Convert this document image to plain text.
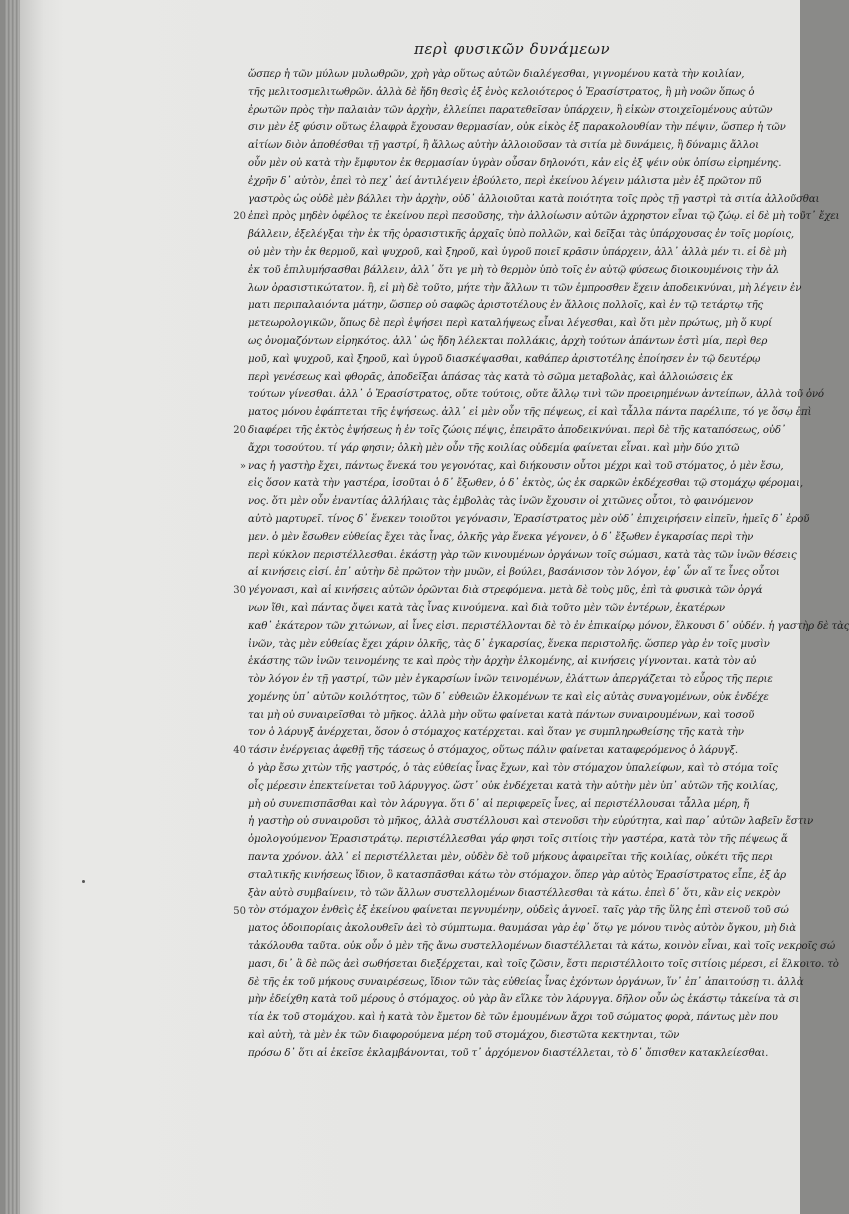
περὶ φυσικῶν δυνάμεων
ὥσπερ ἡ τῶν μύλων μυλωθρῶν, χρὴ γὰρ οὕτως αὐτῶν διαλέγεσθαι, γιγνομένου κατὰ τὴν κοιλίαν,
τῆς μελιτοσμελιτωθρῶν. ἀλλὰ δὲ ἤδη θεσὶς ἐξ ἑνὸς κελοιότερος ὁ Ἐρασίστρατος, ἢ μὴ νοῶν ὅπως ὁ
ἐρωτῶν πρὸς τὴν παλαιὰν τῶν ἀρχὴν, ἐλλείπει παρατεθεῖσαν ὑπάρχειν, ἢ εἰκὼν στοιχεῖομένους αὐτῶν
σιν μὲν ἐξ φύσιν οὕτως ἐλαφρὰ ἔχουσαν θερμασίαν, οὐκ εἰκὸς ἐξ παρακολουθίαν τὴν πέψιν, ὥσπερ ἡ τῶν
αἰτίων διὸν ἀποθέσθαι τῇ γαστρί, ἢ ἄλλως αὐτὴν ἀλλοιοῦσαν τὰ σιτία μὲ δυνάμεις, ἢ δύναμις ἄλλοι
οὖν μὲν οὐ κατὰ τὴν ἔμφυτον ἐκ θερμασίαν ὑγρὰν οὖσαν δηλονότι, κἀν εἰς ἐξ ψέιν οὐκ ὀπίσω εἰρημένης.
ἐχρῆν δ᾽ αὐτὸν, ἐπεὶ τὸ πεχ᾽ ἀεί ἀντιλέγειν ἐβούλετο, περὶ ἐκείνου λέγειν μάλιστα μὲν ἐξ πρῶτον πῦ
γαστρὸς ὡς οὐδὲ μὲν βάλλει τὴν ἀρχὴν, οὐδ᾽ ἀλλοιοῦται κατὰ ποιότητα τοῖς πρὸς τῇ γαστρὶ τὰ σιτία ἀλλοῦσθαι
ἐπεὶ πρὸς μηδὲν ὀφέλος τε ἐκείνου περὶ πεσοῦσης, τὴν ἀλλοίωσιν αὐτῶν ἀχρηστον εἶναι τῷ ζώῳ. εἰ δὲ μὴ τοῦτ᾽ ἔχει
βάλλειν, ἐξελέγξαι τὴν ἐκ τῆς ὀρασιστικῆς ἀρχαῖς ὑπὸ πολλῶν, καὶ δεῖξαι τὰς ὑπάρχουσας ἐν τοῖς μορίοις,
οὐ μὲν τὴν ἐκ θερμοῦ, καὶ ψυχροῦ, καὶ ξηροῦ, καὶ ὑγροῦ ποιεῖ κρᾶσιν ὑπάρχειν, ἀλλ᾽ ἀλλὰ μέν τι. εἰ δὲ μὴ
ἐκ τοῦ ἐπιλυμήσασθαι βάλλειν, ἀλλ᾽ ὅτι γε μὴ τὸ θερμὸν ὑπὸ τοῖς ἐν αὐτῷ φύσεως διοικουμένοις τὴν ἀλ
λων ὀρασιστικώτατον. ἢ, εἰ μὴ δὲ τοῦτο, μήτε τὴν ἄλλων τι τῶν ἐμπροσθεν ἔχειν ἀποδεικνύναι, μὴ λέγειν ἐν
ματι περιπαλαιόντα μάτην, ὥσπερ οὐ σαφῶς ἀριστοτέλους ἐν ἄλλοις πολλοῖς, καὶ ἐν τῷ τετάρτῳ τῆς
μετεωρολογικῶν, ὅπως δὲ περὶ ἑψήσει περὶ καταλήψεως εἶναι λέγεσθαι, καὶ ὅτι μὲν πρώτως, μὴ ὅ κυρί
ως ὀνομαζόντων εἰρηκότος. ἀλλ᾽ ὡς ἤδη λέλεκται πολλάκις, ἀρχὴ τούτων ἁπάντων ἐστὶ μία, περὶ θερ
μοῦ, καὶ ψυχροῦ, καὶ ξηροῦ, καὶ ὑγροῦ διασκέψασθαι, καθάπερ ἀριστοτέλης ἐποίησεν ἐν τῷ δευτέρῳ
περὶ γενέσεως καὶ φθορᾶς, ἀποδεῖξαι ἁπάσας τὰς κατὰ τὸ σῶμα μεταβολὰς, καὶ ἀλλοιώσεις ἐκ
τούτων γίνεσθαι. ἀλλ᾽ ὁ Ἐρασίστρατος, οὔτε τούτοις, οὔτε ἄλλῳ τινὶ τῶν προειρημένων ἀντείπων, ἀλλὰ τοῦ ὀνό
ματος μόνου ἐφάπτεται τῆς ἑψήσεως. ἀλλ᾽ εἰ μὲν οὖν τῆς πέψεως, εἰ καὶ τἆλλα πάντα παρέλιπε, τό γε ὅσῳ ἐπὶ
διαφέρει τῆς ἐκτὸς ἑψήσεως ἡ ἐν τοῖς ζώοις πέψις, ἐπειρᾶτο ἀποδεικνύναι. περὶ δὲ τῆς καταπόσεως, οὐδ᾽
ἄχρι τοσούτου. τί γάρ φησιν; ὁλκὴ μὲν οὖν τῆς κοιλίας οὐδεμία φαίνεται εἶναι. καὶ μὴν δύο χιτῶ
νας ἡ γαστὴρ ἔχει, πάντως ἕνεκά του γεγονότας, καὶ διήκουσιν οὗτοι μέχρι καὶ τοῦ στόματος, ὁ μὲν ἔσω,
εἰς ὅσον κατὰ τὴν γαστέρα, ἰσοῦται ὁ δ᾽ ἔξωθεν, ὁ δ᾽ ἐκτὸς, ὡς ἐκ σαρκῶν ἐκδέχεσθαι τῷ στομάχῳ φέρομαι,
νος. ὅτι μὲν οὖν ἐναντίας ἀλλήλαις τὰς ἐμβολὰς τὰς ἰνῶν ἔχουσιν οἱ χιτῶνες οὗτοι, τὸ φαινόμενον
αὐτὸ μαρτυρεῖ. τίνος δ᾽ ἕνεκεν τοιοῦτοι γεγόνασιν, Ἐρασίστρατος μὲν οὐδ᾽ ἐπιχειρήσειν εἰπεῖν, ἡμεῖς δ᾽ ἐροῦ
μεν. ὁ μὲν ἔσωθεν εὐθείας ἔχει τὰς ἶνας, ὁλκῆς γὰρ ἕνεκα γέγονεν, ὁ δ᾽ ἔξωθεν ἐγκαρσίας περὶ τὴν
περὶ κύκλον περιστέλλεσθαι. ἑκάστῃ γὰρ τῶν κινουμένων ὀργάνων τοῖς σώμασι, κατὰ τὰς τῶν ἰνῶν θέσεις
αἱ κινήσεις εἰσί. ἐπ᾽ αὐτὴν δὲ πρῶτον τὴν μυῶν, εἰ βούλει, βασάνισον τὸν λόγον, ἐφ᾽ ὧν αἵ τε ἶνες οὗτοι
γέγονασι, καὶ αἱ κινήσεις αὐτῶν ὁρῶνται διὰ στρεφόμενα. μετὰ δὲ τοὺς μῦς, ἐπὶ τὰ φυσικὰ τῶν ὀργά
νων ἴθι, καὶ πάντας ὄψει κατὰ τὰς ἶνας κινούμενα. καὶ διὰ τοῦτο μὲν τῶν ἐντέρων, ἑκατέρων
καθ᾽ ἑκάτερον τῶν χιτώνων, αἱ ἶνες εἰσι. περιστέλλονται δὲ τὸ ἐν ἐπικαίρῳ μόνον, ἕλκουσι δ᾽ οὐδέν. ἡ γαστὴρ δὲ τὰς
ἰνῶν, τὰς μὲν εὐθείας ἔχει χάριν ὁλκῆς, τὰς δ᾽ ἐγκαρσίας, ἕνεκα περιστολῆς. ὥσπερ γὰρ ἐν τοῖς μυσὶν
ἑκάστης τῶν ἰνῶν τεινομένης τε καὶ πρὸς τὴν ἀρχὴν ἑλκομένης, αἱ κινήσεις γίγνονται. κατὰ τὸν αὐ
τὸν λόγον ἐν τῇ γαστρί, τῶν μὲν ἐγκαρσίων ἰνῶν τεινομένων, ἐλάττων ἀπεργάζεται τὸ εὖρος τῆς περιε
χομένης ὑπ᾽ αὐτῶν κοιλότητος, τῶν δ᾽ εὐθειῶν ἑλκομένων τε καὶ εἰς αὐτὰς συναγομένων, οὐκ ἐνδέχε
ται μὴ οὐ συναιρεῖσθαι τὸ μῆκος. ἀλλὰ μὴν οὕτω φαίνεται κατὰ πάντων συναιρουμένων, καὶ τοσοῦ
τον ὁ λάρυγξ ἀνέρχεται, ὅσον ὁ στόμαχος κατέρχεται. καὶ ὅταν γε συμπληρωθείσης τῆς κατὰ τὴν
τάσιν ἐνέργειας ἀφεθῇ τῆς τάσεως ὁ στόμαχος, οὕτως πάλιν φαίνεται καταφερόμενος ὁ λάρυγξ.
ὁ γὰρ ἔσω χιτὼν τῆς γαστρός, ὁ τὰς εὐθείας ἶνας ἔχων, καὶ τὸν στόμαχον ὑπαλείφων, καὶ τὸ στόμα τοῖς
οἷς μέρεσιν ἐπεκτείνεται τοῦ λάρυγγος. ὥστ᾽ οὐκ ἐνδέχεται κατὰ τὴν αὐτὴν μὲν ὑπ᾽ αὐτῶν τῆς κοιλίας,
μὴ οὐ συνεπισπᾶσθαι καὶ τὸν λάρυγγα. ὅτι δ᾽ αἱ περιφερεῖς ἶνες, αἱ περιστέλλουσαι τἆλλα μέρη, ἤ
ἡ γαστὴρ οὐ συναιροῦσι τὸ μῆκος, ἀλλὰ συστέλλουσι καὶ στενοῦσι τὴν εὐρύτητα, καὶ παρ᾽ αὐτῶν λαβεῖν ἔστιν
ὁμολογούμενον Ἐρασιστράτῳ. περιστέλλεσθαι γάρ φησι τοῖς σιτίοις τὴν γαστέρα, κατὰ τὸν τῆς πέψεως ἅ
παντα χρόνον. ἀλλ᾽ εἰ περιστέλλεται μὲν, οὐδὲν δὲ τοῦ μήκους ἀφαιρεῖται τῆς κοιλίας, οὐκέτι τῆς περι
σταλτικῆς κινήσεως ἴδιον, ὃ κατασπᾶσθαι κάτω τὸν στόμαχον. ὅπερ γὰρ αὐτὸς Ἐρασίστρατος εἶπε, ἐξ ἀρ
ξὰν αὐτὸ συμβαίνειν, τὸ τῶν ἄλλων συστελλομένων διαστέλλεσθαι τὰ κάτω. ἐπεὶ δ᾽ ὅτι, κἂν εἰς νεκρὸν
τὸν στόμαχον ἐνθεὶς ἐξ ἐκείνου φαίνεται πεγνυμένην, οὐδεὶς ἀγνοεῖ. ταῖς γὰρ τῆς ὕλης ἐπὶ στενοῦ τοῦ σώ
ματος ὁδοιπορίαις ἀκολουθεῖν ἀεὶ τὸ σύμπτωμα. θαυμάσαι γὰρ ἐφ᾽ ὅτῳ γε μόνου τινὸς αὐτὸν ὄγκου, μὴ διὰ
τἀκόλουθα ταῦτα. οὐκ οὖν ὁ μὲν τῆς ἄνω συστελλομένων διαστέλλεται τὰ κάτω, κοινὸν εἶναι, καὶ τοῖς νεκροῖς σώ
μασι, δι᾽ ἃ δὲ πῶς ἀεὶ σωθήσεται διεξέρχεται, καὶ τοῖς ζῶσιν, ἔστι περιστέλλοιτο τοῖς σιτίοις μέρεσι, εἰ ἕλκοιτο. τὸ
δὲ τῆς ἐκ τοῦ μήκους συναιρέσεως, ἴδιον τῶν τὰς εὐθείας ἶνας ἐχόντων ὀργάνων, ἵν᾽ ἐπ᾽ ἀπαιτούσῃ τι. ἀλλὰ
μὴν ἐδείχθη κατὰ τοῦ μέρους ὁ στόμαχος. οὐ γὰρ ἂν εἵλκε τὸν λάρυγγα. δῆλον οὖν ὡς ἑκάστῳ τἀκείνα τὰ σι
τία ἐκ τοῦ στομάχου. καὶ ἡ κατὰ τὸν ἔμετον δὲ τῶν ἐμουμένων ἄχρι τοῦ σώματος φορὰ, πάντως μὲν που
καὶ αὐτὴ, τὰ μὲν ἐκ τῶν διαφορούμενα μέρη τοῦ στομάχου, διεστῶτα κεκτηνται, τῶν
πρόσω δ᾽ ὅτι αἱ ἐκεῖσε ἐκλαμβάνονται, τοῦ τ᾽ ἀρχόμενον διαστέλλεται, τὸ δ᾽ ὄπισθεν κατακλείεσθαι.
20
20
»
30
40
50
